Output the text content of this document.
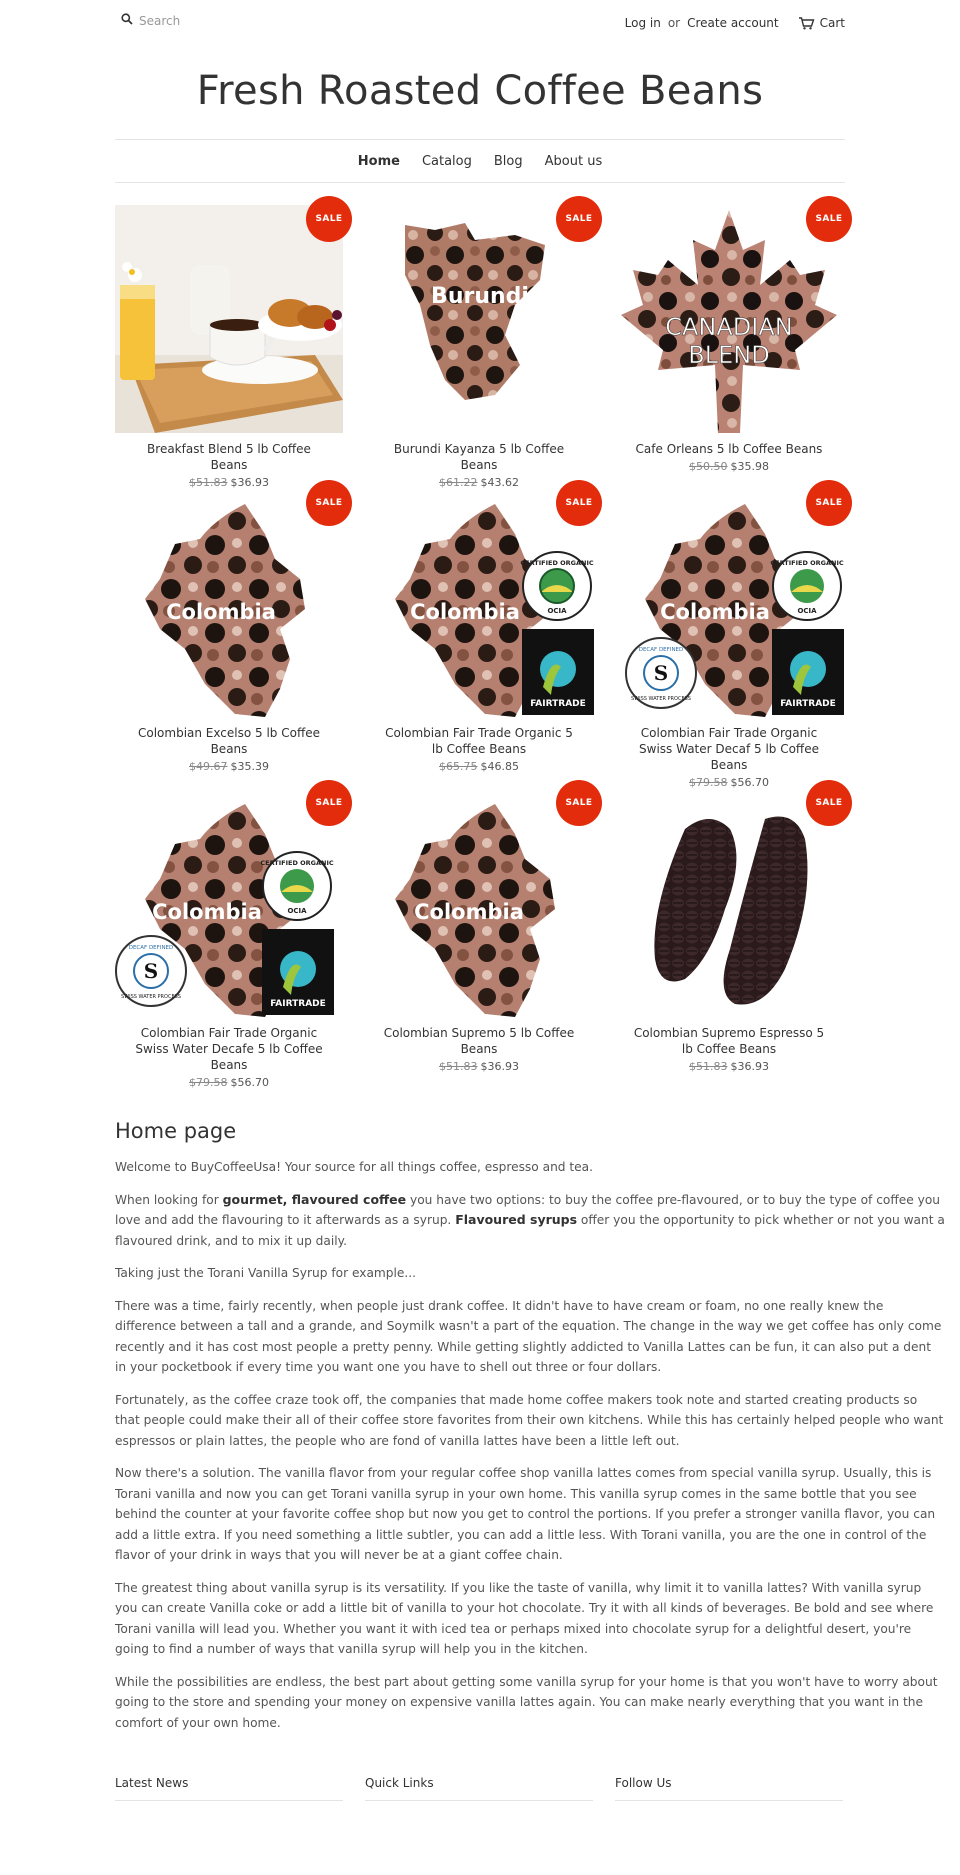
Search
Log in or Create account	Cart
Fresh Roasted Coffee Beans
Home Catalog Blog About us
SALE
Breakfast Blend 5 lb Coffee
Beans
$51.83 $36.93
Burundi
SALE
Burundi Kayanza 5 lb Coffee
Beans
$61.22 $43.62
CANADIAN
BLEND
SALE
Cafe Orleans 5 lb Coffee Beans
$50.50 $35.98
Colombia
SALE
Colombian Excelso 5 lb Coffee
Beans
$49.67 $35.39
Colombia
CERTIFIED ORGANIC
OCIA
FAIRTRADE
SALE
Colombian Fair Trade Organic 5
lb Coffee Beans
$65.75 $46.85
Colombia
CERTIFIED ORGANIC
OCIA
FAIRTRADE
S
DECAF DEFINED
SWISS WATER PROCESS
SALE
Colombian Fair Trade Organic
Swiss Water Decaf 5 lb Coffee
Beans
$79.58 $56.70
Colombia
CERTIFIED ORGANIC
OCIA
FAIRTRADE
S
DECAF DEFINED
SWISS WATER PROCESS
SALE
Colombian Fair Trade Organic
Swiss Water Decafe 5 lb Coffee
Beans
$79.58 $56.70
Colombia
SALE
Colombian Supremo 5 lb Coffee
Beans
$51.83 $36.93
SALE
Colombian Supremo Espresso 5
lb Coffee Beans
$51.83 $36.93
Home page

Welcome to BuyCoffeeUsa! Your source for all things coffee, espresso and tea.

When looking for gourmet, flavoured coffee you have two options: to buy the coffee pre-flavoured, or to buy the type of coffee you love and add the flavouring to it afterwards as a syrup. Flavoured syrups offer you the opportunity to pick whether or not you want a flavoured drink, and to mix it up daily.

Taking just the Torani Vanilla Syrup for example...

There was a time, fairly recently, when people just drank coffee. It didn't have to have cream or foam, no one really knew the difference between a tall and a grande, and Soymilk wasn't a part of the equation. The change in the way we get coffee has only come recently and it has cost most people a pretty penny. While getting slightly addicted to Vanilla Lattes can be fun, it can also put a dent in your pocketbook if every time you want one you have to shell out three or four dollars.

Fortunately, as the coffee craze took off, the companies that made home coffee makers took note and started creating products so that people could make their all of their coffee store favorites from their own kitchens. While this has certainly helped people who want espressos or plain lattes, the people who are fond of vanilla lattes have been a little left out.

Now there's a solution. The vanilla flavor from your regular coffee shop vanilla lattes comes from special vanilla syrup. Usually, this is Torani vanilla and now you can get Torani vanilla syrup in your own home. This vanilla syrup comes in the same bottle that you see behind the counter at your favorite coffee shop but now you get to control the portions. If you prefer a stronger vanilla flavor, you can add a little extra. If you need something a little subtler, you can add a little less. With Torani vanilla, you are the one in control of the flavor of your drink in ways that you will never be at a giant coffee chain.

The greatest thing about vanilla syrup is its versatility. If you like the taste of vanilla, why limit it to vanilla lattes? With vanilla syrup you can create Vanilla coke or add a little bit of vanilla to your hot chocolate. Try it with all kinds of beverages. Be bold and see where Torani vanilla will lead you. Whether you want it with iced tea or perhaps mixed into chocolate syrup for a delightful desert, you're going to find a number of ways that vanilla syrup will help you in the kitchen.

While the possibilities are endless, the best part about getting some vanilla syrup for your home is that you won't have to worry about going to the store and spending your money on expensive vanilla lattes again. You can make nearly everything that you want in the comfort of your own home.

Latest News	Quick Links	Follow Us
